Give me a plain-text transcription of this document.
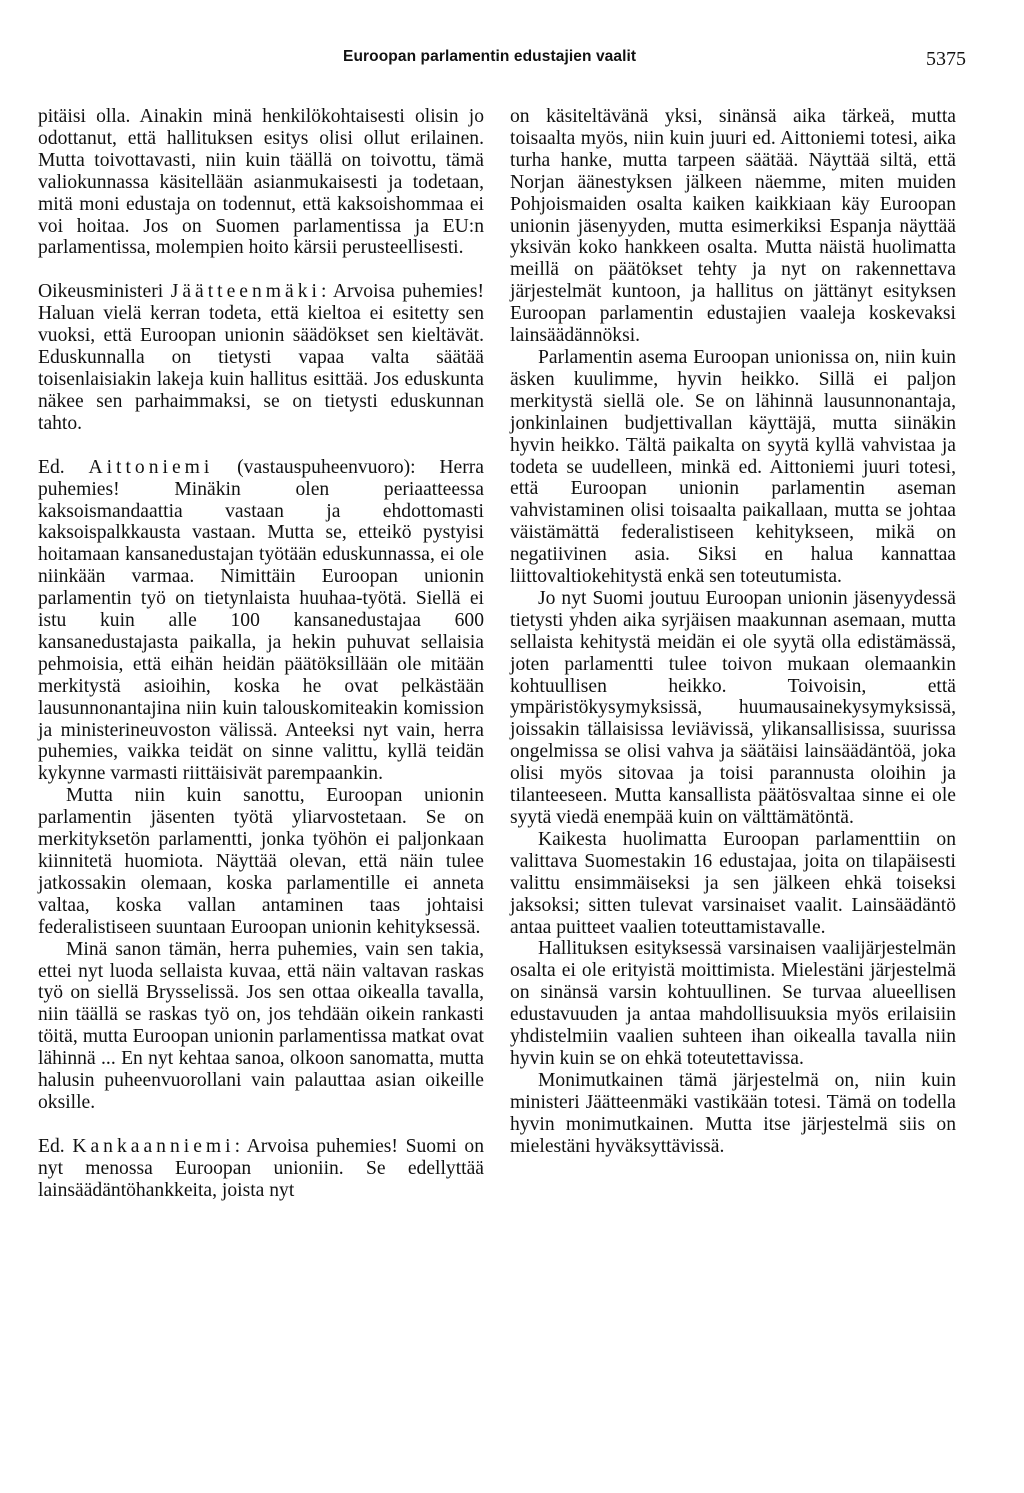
Euroopan parlamentin edustajien vaalit	5375

pitäisi olla. Ainakin minä henkilökohtaisesti olisin jo odottanut, että hallituksen esitys olisi ollut erilainen. Mutta toivottavasti, niin kuin täällä on toivottu, tämä valiokunnassa käsitellään asianmukaisesti ja todetaan, mitä moni edustaja on todennut, että kaksoishommaa ei voi hoitaa. Jos on Suomen parlamentissa ja EU:n parlamentissa, molempien hoito kärsii perusteellisesti.

Oikeusministeri Jäätteenmäki: Arvoisa puhemies! Haluan vielä kerran todeta, että kieltoa ei esitetty sen vuoksi, että Euroopan unionin säädökset sen kieltävät. Eduskunnalla on tietysti vapaa valta säätää toisenlaisiakin lakeja kuin hallitus esittää. Jos eduskunta näkee sen parhaimmaksi, se on tietysti eduskunnan tahto.

Ed. Aittoniemi (vastauspuheenvuoro): Herra puhemies! Minäkin olen periaatteessa kaksoismandaattia vastaan ja ehdottomasti kaksoispalkkausta vastaan. Mutta se, etteikö pystyisi hoitamaan kansanedustajan työtään eduskunnassa, ei ole niinkään varmaa. Nimittäin Euroopan unionin parlamentin työ on tietynlaista huuhaa-työtä. Siellä ei istu kuin alle 100 kansanedustajaa 600 kansanedustajasta paikalla, ja hekin puhuvat sellaisia pehmoisia, että eihän heidän päätöksillään ole mitään merkitystä asioihin, koska he ovat pelkästään lausunnonantajina niin kuin talouskomiteakin komission ja ministerineuvoston välissä. Anteeksi nyt vain, herra puhemies, vaikka teidät on sinne valittu, kyllä teidän kykynne varmasti riittäisivät parempaankin.

Mutta niin kuin sanottu, Euroopan unionin parlamentin jäsenten työtä yliarvostetaan. Se on merkityksetön parlamentti, jonka työhön ei paljonkaan kiinnitetä huomiota. Näyttää olevan, että näin tulee jatkossakin olemaan, koska parlamentille ei anneta valtaa, koska vallan antaminen taas johtaisi federalistiseen suuntaan Euroopan unionin kehityksessä.

Minä sanon tämän, herra puhemies, vain sen takia, ettei nyt luoda sellaista kuvaa, että näin valtavan raskas työ on siellä Brysselissä. Jos sen ottaa oikealla tavalla, niin täällä se raskas työ on, jos tehdään oikein rankasti töitä, mutta Euroopan unionin parlamentissa matkat ovat lähinnä ... En nyt kehtaa sanoa, olkoon sanomatta, mutta halusin puheenvuorollani vain palauttaa asian oikeille oksille.

Ed. Kankaanniemi: Arvoisa puhemies! Suomi on nyt menossa Euroopan unioniin. Se edellyttää lainsäädäntöhankkeita, joista nyt

on käsiteltävänä yksi, sinänsä aika tärkeä, mutta toisaalta myös, niin kuin juuri ed. Aittoniemi totesi, aika turha hanke, mutta tarpeen säätää. Näyttää siltä, että Norjan äänestyksen jälkeen näemme, miten muiden Pohjoismaiden osalta kaiken kaikkiaan käy Euroopan unionin jäsenyyden, mutta esimerkiksi Espanja näyttää yksivän koko hankkeen osalta. Mutta näistä huolimatta meillä on päätökset tehty ja nyt on rakennettava järjestelmät kuntoon, ja hallitus on jättänyt esityksen Euroopan parlamentin edustajien vaaleja koskevaksi lainsäädännöksi.

Parlamentin asema Euroopan unionissa on, niin kuin äsken kuulimme, hyvin heikko. Sillä ei paljon merkitystä siellä ole. Se on lähinnä lausunnonantaja, jonkinlainen budjettivallan käyttäjä, mutta siinäkin hyvin heikko. Tältä paikalta on syytä kyllä vahvistaa ja todeta se uudelleen, minkä ed. Aittoniemi juuri totesi, että Euroopan unionin parlamentin aseman vahvistaminen olisi toisaalta paikallaan, mutta se johtaa väistämättä federalistiseen kehitykseen, mikä on negatiivinen asia. Siksi en halua kannattaa liittovaltiokehitystä enkä sen toteutumista.

Jo nyt Suomi joutuu Euroopan unionin jäsenyydessä tietysti yhden aika syrjäisen maakunnan asemaan, mutta sellaista kehitystä meidän ei ole syytä olla edistämässä, joten parlamentti tulee toivon mukaan olemaankin kohtuullisen heikko. Toivoisin, että ympäristökysymyksissä, huumausainekysymyksissä, joissakin tällaisissa leviävissä, ylikansallisissa, suurissa ongelmissa se olisi vahva ja säätäisi lainsäädäntöä, joka olisi myös sitovaa ja toisi parannusta oloihin ja tilanteeseen. Mutta kansallista päätösvaltaa sinne ei ole syytä viedä enempää kuin on välttämätöntä.

Kaikesta huolimatta Euroopan parlamenttiin on valittava Suomestakin 16 edustajaa, joita on tilapäisesti valittu ensimmäiseksi ja sen jälkeen ehkä toiseksi jaksoksi; sitten tulevat varsinaiset vaalit. Lainsäädäntö antaa puitteet vaalien toteuttamistavalle.

Hallituksen esityksessä varsinaisen vaalijärjestelmän osalta ei ole erityistä moittimista. Mielestäni järjestelmä on sinänsä varsin kohtuullinen. Se turvaa alueellisen edustavuuden ja antaa mahdollisuuksia myös erilaisiin yhdistelmiin vaalien suhteen ihan oikealla tavalla niin hyvin kuin se on ehkä toteutettavissa.

Monimutkainen tämä järjestelmä on, niin kuin ministeri Jäätteenmäki vastikään totesi. Tämä on todella hyvin monimutkainen. Mutta itse järjestelmä siis on mielestäni hyväksyttävissä.
